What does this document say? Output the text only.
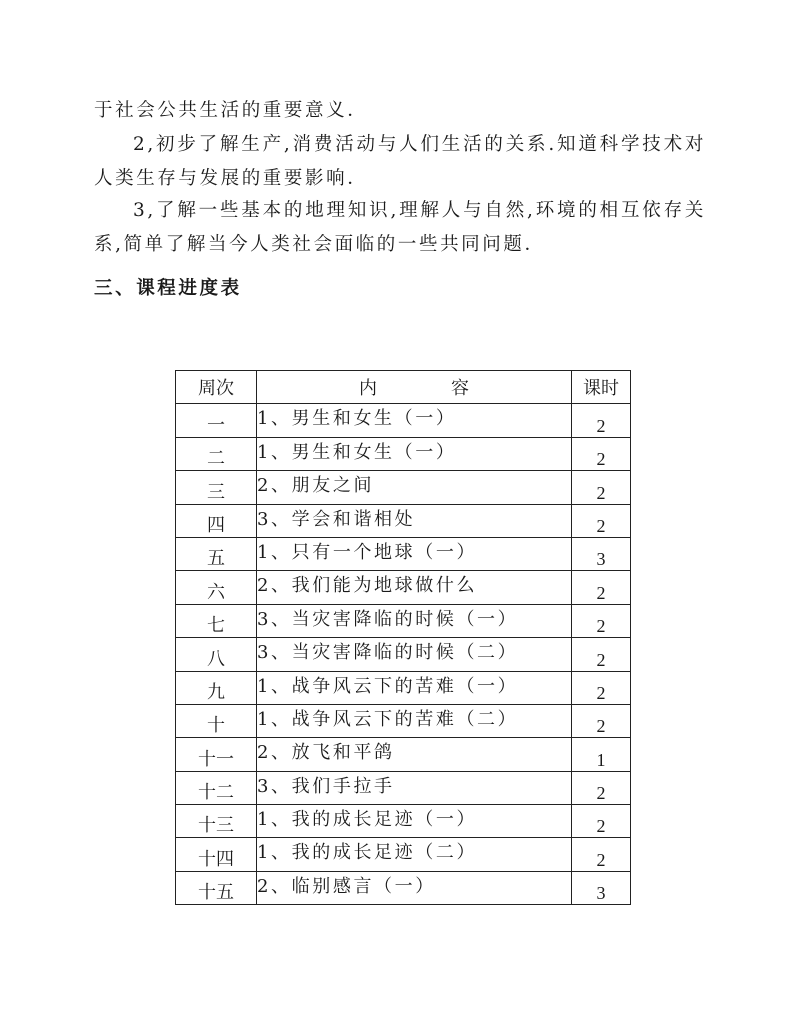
于社会公共生活的重要意义．

2,初步了解生产,消费活动与人们生活的关系.知道科学技术对人类生存与发展的重要影响．

3,了解一些基本的地理知识,理解人与自然,环境的相互依存关系,简单了解当今人类社会面临的一些共同问题．

三、课程进度表
周次	内 容	课时
一	1、男生和女生（一）	2
二	1、男生和女生（一）	2
三	2、朋友之间	2
四	3、学会和谐相处	2
五	1、只有一个地球（一）	3
六	2、我们能为地球做什么	2
七	3、当灾害降临的时候（一）	2
八	3、当灾害降临的时候（二）	2
九	1、战争风云下的苦难（一）	2
十	1、战争风云下的苦难（二）	2
十一	2、放飞和平鸽	1
十二	3、我们手拉手	2
十三	1、我的成长足迹（一）	2
十四	1、我的成长足迹（二）	2
十五	2、临别感言（一）	3
